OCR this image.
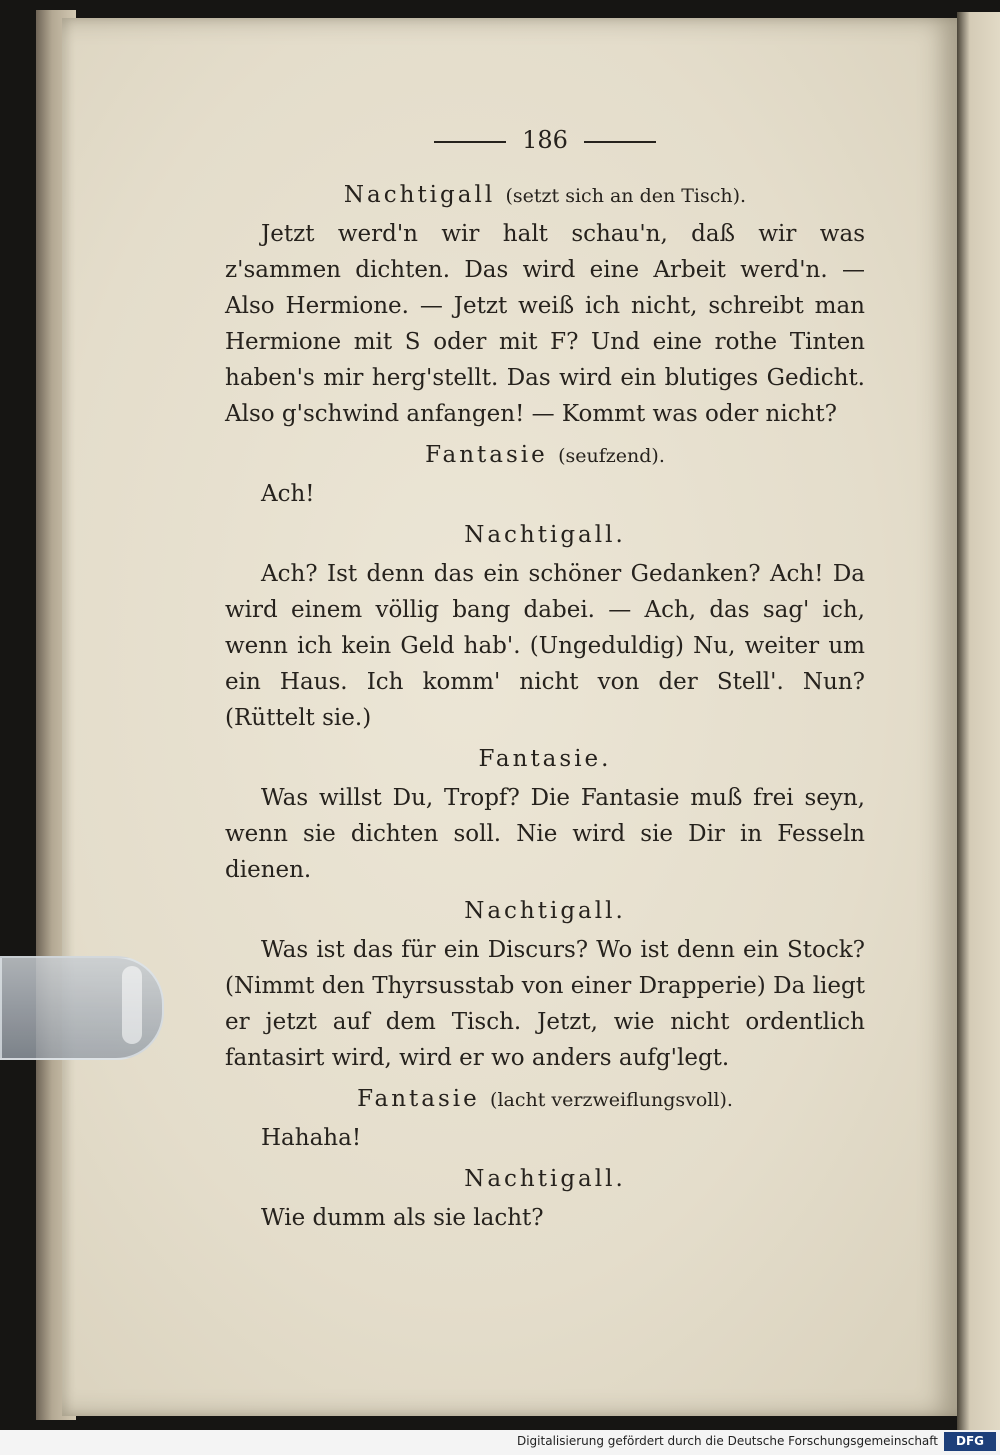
186
Nachtigall (setzt sich an den Tisch).

Jetzt werd'n wir halt schau'n, daß wir was z'sammen dichten. Das wird eine Arbeit werd'n. — Also Hermione. — Jetzt weiß ich nicht, schreibt man Hermione mit S oder mit F? Und eine rothe Tinten haben's mir herg'stellt. Das wird ein blutiges Gedicht. Also g'schwind anfangen! — Kommt was oder nicht?

Fantasie (seufzend).

Ach!

Nachtigall.

Ach? Ist denn das ein schöner Gedanken? Ach! Da wird einem völlig bang dabei. — Ach, das sag' ich, wenn ich kein Geld hab'. (Ungeduldig) Nu, weiter um ein Haus. Ich komm' nicht von der Stell'. Nun? (Rüttelt sie.)

Fantasie.

Was willst Du, Tropf? Die Fantasie muß frei seyn, wenn sie dichten soll. Nie wird sie Dir in Fesseln dienen.

Nachtigall.

Was ist das für ein Discurs? Wo ist denn ein Stock? (Nimmt den Thyrsusstab von einer Drapperie) Da liegt er jetzt auf dem Tisch. Jetzt, wie nicht ordentlich fantasirt wird, wird er wo anders aufg'legt.

Fantasie (lacht verzweiflungsvoll).

Hahaha!

Nachtigall.

Wie dumm als sie lacht?

Digitalisierung gefördert durch die Deutsche Forschungsgemeinschaft	DFG
